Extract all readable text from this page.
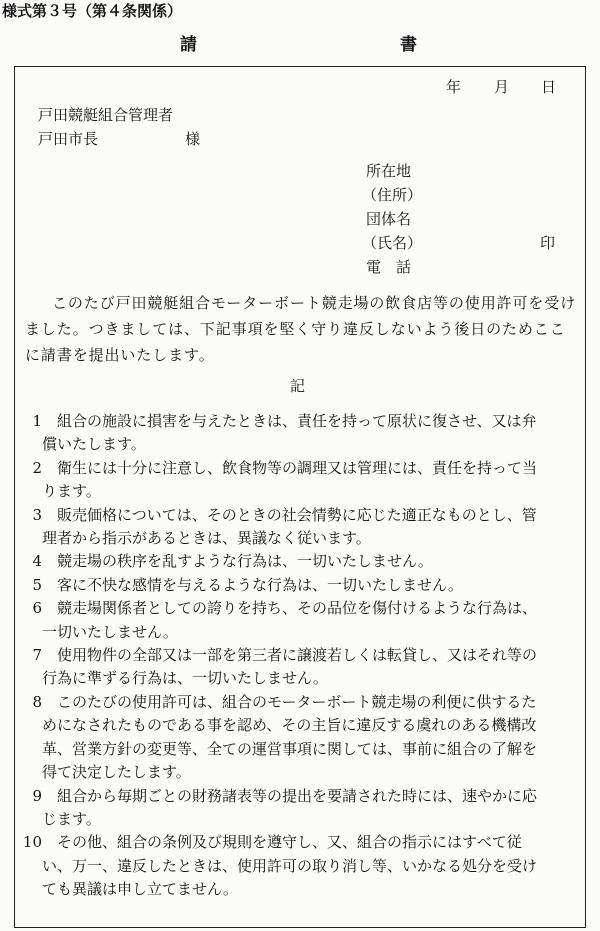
様式第３号（第４条関係）
請	書
年 月 日
戸田競艇組合管理者
戸田市長	様
所在地
（住所）
団体名
（氏名）	印
電　話
このたび戸田競艇組合モーターボート競走場の飲食店等の使用許可を受け
ました。つきましては、下記事項を堅く守り違反しないよう後日のためここ
に請書を提出いたします。
記
1	組合の施設に損害を与えたときは、責任を持って原状に復させ、又は弁
償いたします。
2	衛生には十分に注意し、飲食物等の調理又は管理には、責任を持って当
ります。
3	販売価格については、そのときの社会情勢に応じた適正なものとし、管
理者から指示があるときは、異議なく従います。
4	競走場の秩序を乱すような行為は、一切いたしません。
5	客に不快な感情を与えるような行為は、一切いたしません。
6	競走場関係者としての誇りを持ち、その品位を傷付けるような行為は、
一切いたしません。
7	使用物件の全部又は一部を第三者に譲渡若しくは転貸し、又はそれ等の
行為に準ずる行為は、一切いたしません。
8	このたびの使用許可は、組合のモーターボート競走場の利便に供するた
めになされたものである事を認め、その主旨に違反する虞れのある機構改
革、営業方針の変更等、全ての運営事項に関しては、事前に組合の了解を
得て決定したします。
9	組合から毎期ごとの財務諸表等の提出を要請された時には、速やかに応
じます。
10	その他、組合の条例及び規則を遵守し、又、組合の指示にはすべて従
い、万一、違反したときは、使用許可の取り消し等、いかなる処分を受け
ても異議は申し立てません。
